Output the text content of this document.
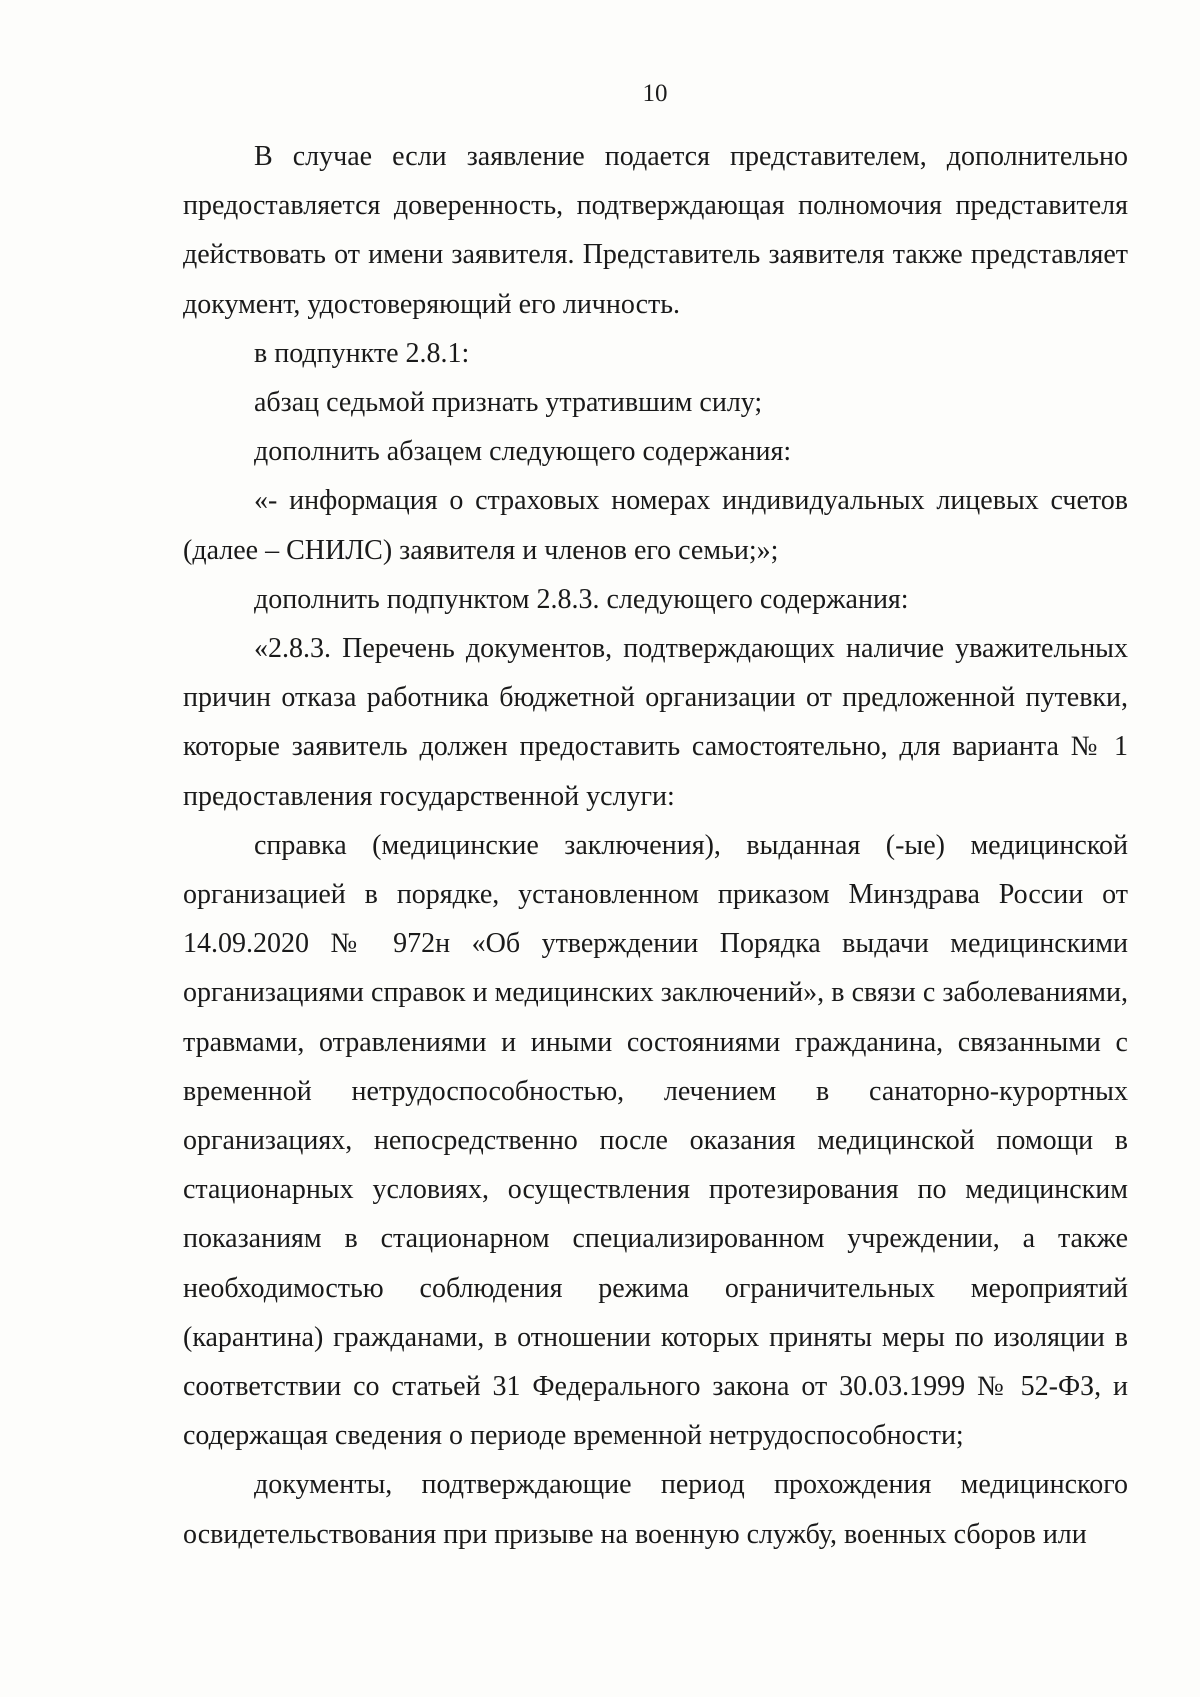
10

В случае если заявление подается представителем, дополнительно предоставляется доверенность, подтверждающая полномочия представителя действовать от имени заявителя. Представитель заявителя также представляет документ, удостоверяющий его личность.

в подпункте 2.8.1:

абзац седьмой признать утратившим силу;

дополнить абзацем следующего содержания:

«- информация о страховых номерах индивидуальных лицевых счетов (далее – СНИЛС) заявителя и членов его семьи;»;

дополнить подпунктом 2.8.3. следующего содержания:

«2.8.3. Перечень документов, подтверждающих наличие уважительных причин отказа работника бюджетной организации от предложенной путевки, которые заявитель должен предоставить самостоятельно, для варианта № 1 предоставления государственной услуги:

справка (медицинские заключения), выданная (-ые) медицинской организацией в порядке, установленном приказом Минздрава России от 14.09.2020 № 972н «Об утверждении Порядка выдачи медицинскими организациями справок и медицинских заключений», в связи с заболеваниями, травмами, отравлениями и иными состояниями гражданина, связанными с временной нетрудоспособностью, лечением в санаторно-курортных организациях, непосредственно после оказания медицинской помощи в стационарных условиях, осуществления протезирования по медицинским показаниям в стационарном специализированном учреждении, а также необходимостью соблюдения режима ограничительных мероприятий (карантина) гражданами, в отношении которых приняты меры по изоляции в соответствии со статьей 31 Федерального закона от 30.03.1999 № 52-ФЗ, и содержащая сведения о периоде временной нетрудоспособности;

документы, подтверждающие период прохождения медицинского освидетельствования при призыве на военную службу, военных сборов или
